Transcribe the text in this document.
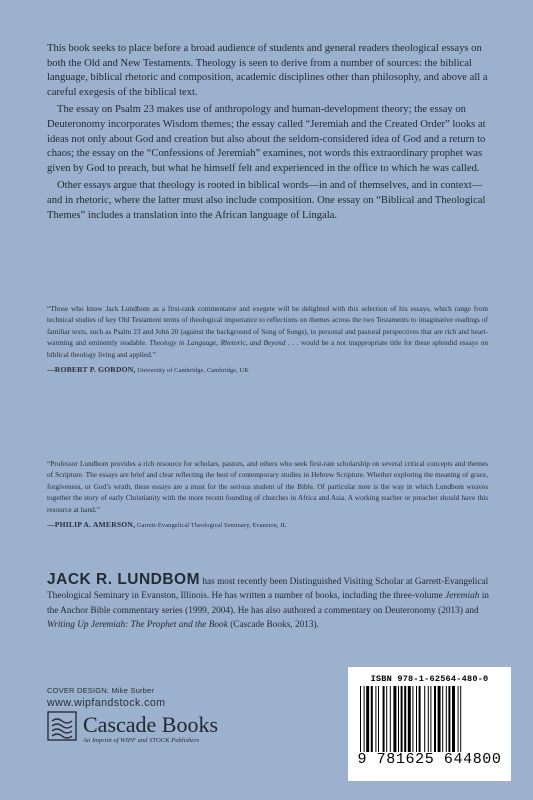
This book seeks to place before a broad audience of students and general readers theological essays on both the Old and New Testaments. Theology is seen to derive from a number of sources: the biblical language, biblical rhetoric and composition, academic disciplines other than philosophy, and above all a careful exegesis of the biblical text.

The essay on Psalm 23 makes use of anthropology and human-development theory; the essay on Deuteronomy incorporates Wisdom themes; the essay called “Jeremiah and the Created Order” looks at ideas not only about God and creation but also about the seldom-considered idea of God and a return to chaos; the essay on the “Confessions of Jeremiah” examines, not words this extraordinary prophet was given by God to preach, but what he himself felt and experienced in the office to which he was called.

Other essays argue that theology is rooted in biblical words—in and of themselves, and in context—and in rhetoric, where the latter must also include composition. One essay on “Biblical and Theological Themes” includes a translation into the African language of Lingala.

“Those who know Jack Lundbom as a first-rank commentator and exegete will be delighted with this selection of his essays, which range from technical studies of key Old Testament terms of theological importance to reflections on themes across the two Testaments to imaginative readings of familiar texts, such as Psalm 23 and John 20 (against the background of Song of Songs), to personal and pastoral perspectives that are rich and heart-warming and eminently readable. Theology in Language, Rhetoric, and Beyond . . . would be a not inappropriate title for these splendid essays on biblical theology living and applied.”

—ROBERT P. GORDON, University of Cambridge, Cambridge, UK

“Professor Lundbom provides a rich resource for scholars, pastors, and others who seek first-rate scholarship on several critical concepts and themes of Scripture. The essays are brief and clear reflecting the best of contemporary studies in Hebrew Scripture. Whether exploring the meaning of grace, forgiveness, or God’s wrath, these essays are a must for the serious student of the Bible. Of particular note is the way in which Lundbom weaves together the story of early Christianity with the more recent founding of churches in Africa and Asia. A working teacher or preacher should have this resource at hand.”

—PHILIP A. AMERSON, Garrett-Evangelical Theological Seminary, Evanston, IL
JACK R. LUNDBOM has most recently been Distinguished Visiting Scholar at Garrett-Evangelical Theological Seminary in Evanston, Illinois. He has written a number of books, including the three-volume Jeremiah in the Anchor Bible commentary series (1999, 2004). He has also authored a commentary on Deuteronomy (2013) and Writing Up Jeremiah: The Prophet and the Book (Cascade Books, 2013).
COVER DESIGN: Mike Surber
www.wipfandstock.com
Cascade Books
An Imprint of WIPF and STOCK Publishers
ISBN 978-1-62564-480-0
9 781625 644800
